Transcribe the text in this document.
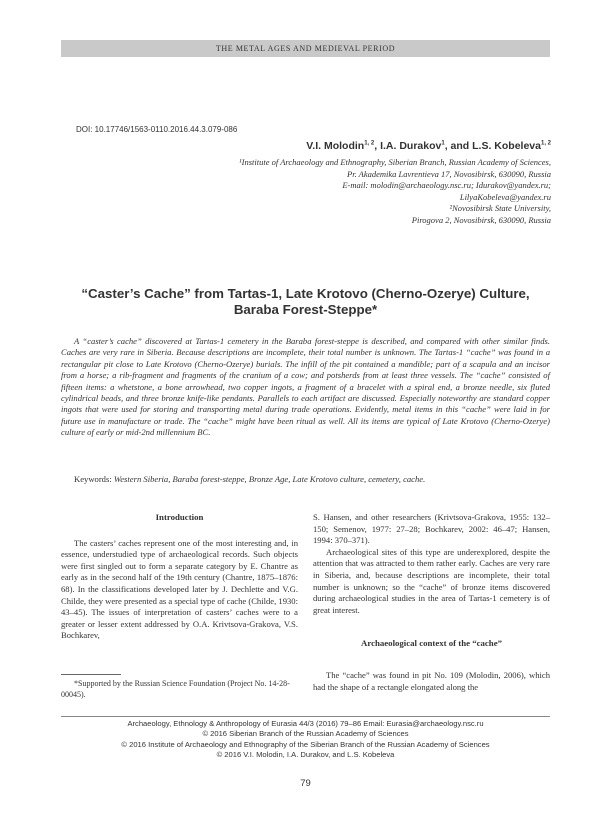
THE METAL AGES AND MEDIEVAL PERIOD
DOI: 10.17746/1563-0110.2016.44.3.079-086
V.I. Molodin$^{1, 2}$, I.A. Durakov$^1$, and L.S. Kobeleva$^{1, 2}$
¹Institute of Archaeology and Ethnography, Siberian Branch, Russian Academy of Sciences,
Pr. Akademika Lavrentieva 17, Novosibirsk, 630090, Russia
E-mail: molodin@archaeology.nsc.ru; Idurakov@yandex.ru;
LilyaKobeleva@yandex.ru
²Novosibirsk State University,
Pirogova 2, Novosibirsk, 630090, Russia
“Caster’s Cache” from Tartas-1, Late Krotovo (Cherno-Ozerye) Culture,
Baraba Forest-Steppe*
A “caster’s cache” discovered at Tartas-1 cemetery in the Baraba forest-steppe is described, and compared with other similar finds. Caches are very rare in Siberia. Because descriptions are incomplete, their total number is unknown. The Tartas-1 “cache” was found in a rectangular pit close to Late Krotovo (Cherno-Ozerye) burials. The infill of the pit contained a mandible; part of a scapula and an incisor from a horse; a rib-fragment and fragments of the cranium of a cow; and potsherds from at least three vessels. The “cache” consisted of fifteen items: a whetstone, a bone arrowhead, two copper ingots, a fragment of a bracelet with a spiral end, a bronze needle, six fluted cylindrical beads, and three bronze knife-like pendants. Parallels to each artifact are discussed. Especially noteworthy are standard copper ingots that were used for storing and transporting metal during trade operations. Evidently, metal items in this “cache” were laid in for future use in manufacture or trade. The “cache” might have been ritual as well. All its items are typical of Late Krotovo (Cherno-Ozerye) culture of early or mid-2nd millennium BC.
Keywords: Western Siberia, Baraba forest-steppe, Bronze Age, Late Krotovo culture, cemetery, cache.
Introduction

The casters’ caches represent one of the most interesting and, in essence, understudied type of archaeological records. Such objects were first singled out to form a separate category by E. Chantre as early as in the second half of the 19th century (Chantre, 1875–1876: 68). In the classifications developed later by J. Dechlette and V.G. Childe, they were presented as a special type of cache (Childe, 1930: 43–45). The issues of interpretation of casters’ caches were to a greater or lesser extent addressed by O.A. Krivtsova-Grakova, V.S. Bochkarev,

S. Hansen, and other researchers (Krivtsova-Grakova, 1955: 132–150; Semenov, 1977: 27–28; Bochkarev, 2002: 46–47; Hansen, 1994: 370–371).

Archaeological sites of this type are underexplored, despite the attention that was attracted to them rather early. Caches are very rare in Siberia, and, because descriptions are incomplete, their total number is unknown; so the “cache” of bronze items discovered during archaeological studies in the area of Tartas-1 cemetery is of great interest.

Archaeological context of the “cache”

The “cache” was found in pit No. 109 (Molodin, 2006), which had the shape of a rectangle elongated along the

*Supported by the Russian Science Foundation (Project No. 14-28-00045).
Archaeology, Ethnology & Anthropology of Eurasia 44/3 (2016) 79–86 Email: Eurasia@archaeology.nsc.ru
© 2016 Siberian Branch of the Russian Academy of Sciences
© 2016 Institute of Archaeology and Ethnography of the Siberian Branch of the Russian Academy of Sciences
© 2016 V.I. Molodin, I.A. Durakov, and L.S. Kobeleva
79
